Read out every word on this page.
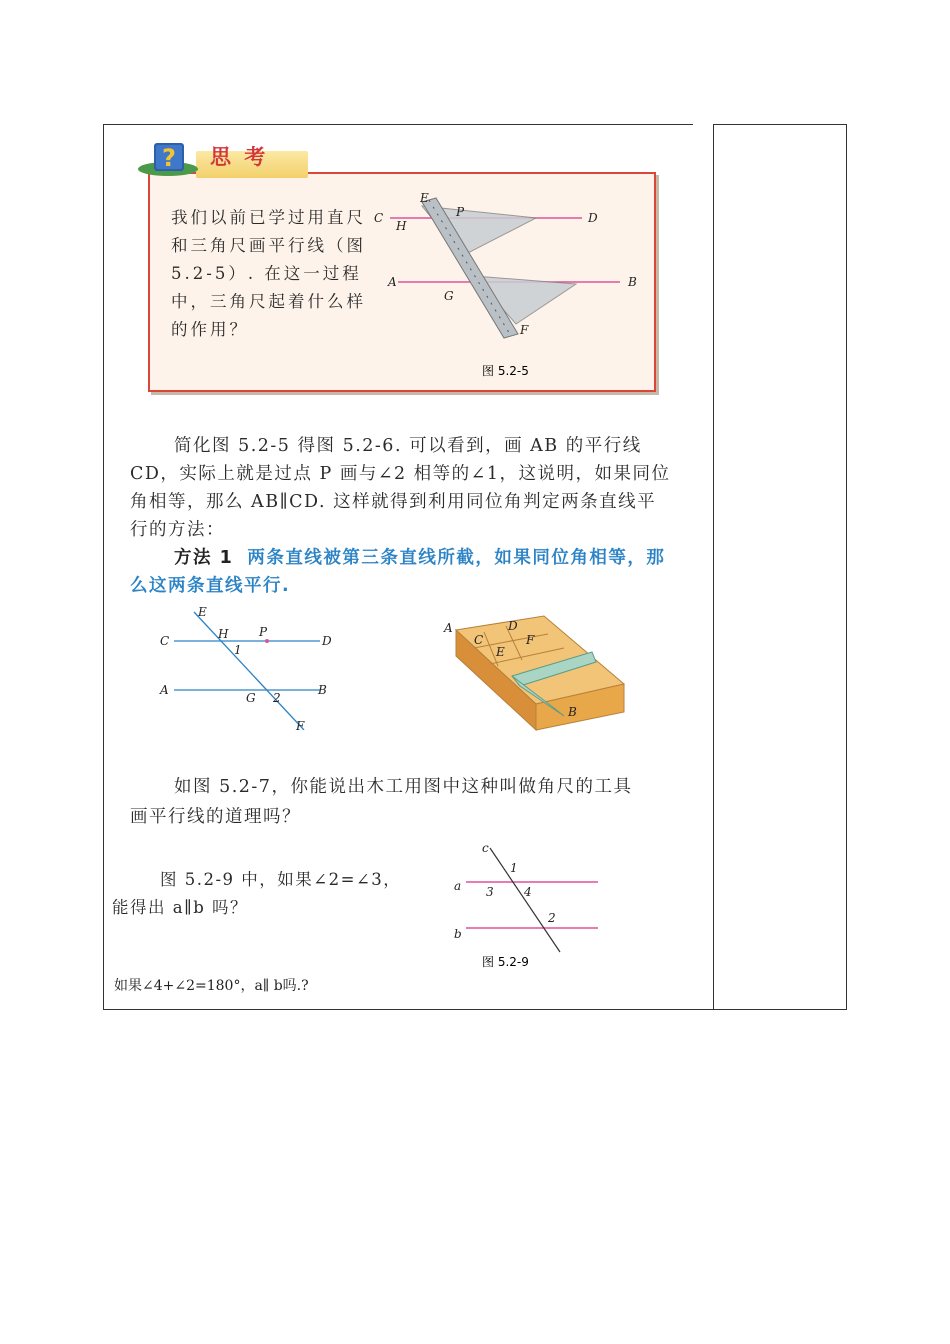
? 思 考
我们以前已学过用直尺和三角尺画平行线（图 5.2-5）. 在这一过程中，三角尺起着什么样的作用？
C
H
E
P	D
A
G
B
F
图 5.2-5
简化图 5.2-5 得图 5.2-6. 可以看到，画 AB 的平行线 CD，实际上就是过点 P 画与∠2 相等的∠1，这说明，如果同位角相等，那么 AB∥CD. 这样就得到利用同位角判定两条直线平行的方法：
方法 1 两条直线被第三条直线所截，如果同位角相等，那么这两条直线平行.
E
C	H	P
D
1
A
G 2
B
F
A
C
D
E
F
B
如图 5.2-7，你能说出木工用图中这种叫做角尺的工具画平行线的道理吗？
图 5.2-9 中，如果∠2=∠3，能得出 a∥b 吗？
c
1
a 3	4
2
b
图 5.2-9
如果∠4+∠2=180°，a∥ b吗.?
